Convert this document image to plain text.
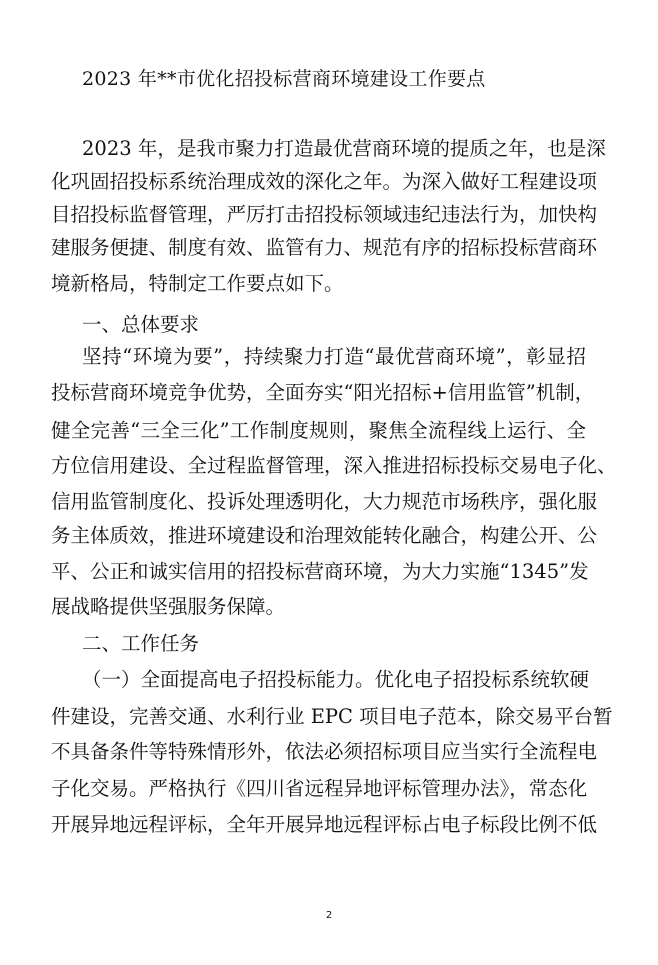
2023 年**市优化招投标营商环境建设工作要点
2023 年，是我市聚力打造最优营商环境的提质之年，也是深
化巩固招投标系统治理成效的深化之年。为深入做好工程建设项
目招投标监督管理，严厉打击招投标领域违纪违法行为，加快构
建服务便捷、制度有效、监管有力、规范有序的招标投标营商环
境新格局，特制定工作要点如下。
一、总体要求
坚持“环境为要”，持续聚力打造“最优营商环境”，彰显招
投标营商环境竞争优势，全面夯实“阳光招标+信用监管”机制，
健全完善“三全三化”工作制度规则，聚焦全流程线上运行、全
方位信用建设、全过程监督管理，深入推进招标投标交易电子化、
信用监管制度化、投诉处理透明化，大力规范市场秩序，强化服
务主体质效，推进环境建设和治理效能转化融合，构建公开、公
平、公正和诚实信用的招投标营商环境，为大力实施“1345”发
展战略提供坚强服务保障。
二、工作任务
（一）全面提高电子招投标能力。优化电子招投标系统软硬
件建设，完善交通、水利行业 EPC 项目电子范本，除交易平台暂
不具备条件等特殊情形外，依法必须招标项目应当实行全流程电
子化交易。严格执行《四川省远程异地评标管理办法》，常态化
开展异地远程评标，全年开展异地远程评标占电子标段比例不低
2
